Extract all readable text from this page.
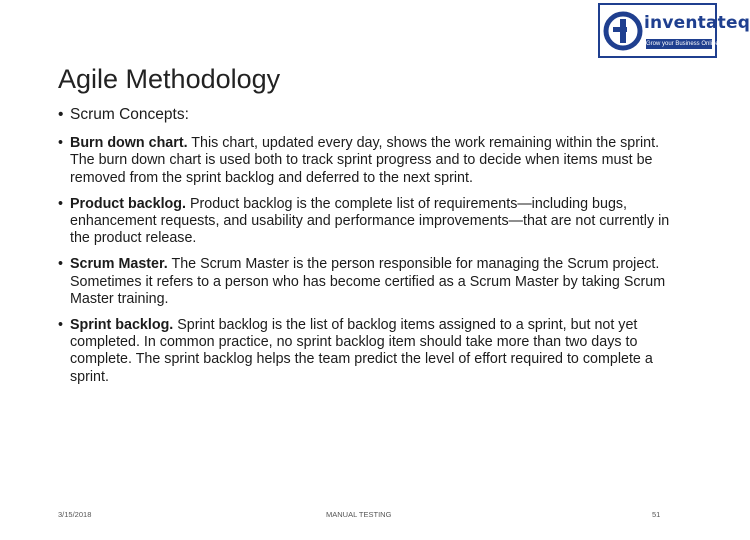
inventateq
Grow your Business Online
Agile Methodology
• Scrum Concepts:
• Burn down chart. This chart, updated every day, shows the work remaining within the sprint. The burn down chart is used both to track sprint progress and to decide when items must be removed from the sprint backlog and deferred to the next sprint.
• Product backlog. Product backlog is the complete list of requirements—including bugs, enhancement requests, and usability and performance improvements—that are not currently in the product release.
• Scrum Master. The Scrum Master is the person responsible for managing the Scrum project. Sometimes it refers to a person who has become certified as a Scrum Master by taking Scrum Master training.
• Sprint backlog. Sprint backlog is the list of backlog items assigned to a sprint, but not yet completed. In common practice, no sprint backlog item should take more than two days to complete. The sprint backlog helps the team predict the level of effort required to complete a sprint.
3/15/2018	MANUAL TESTING	51
